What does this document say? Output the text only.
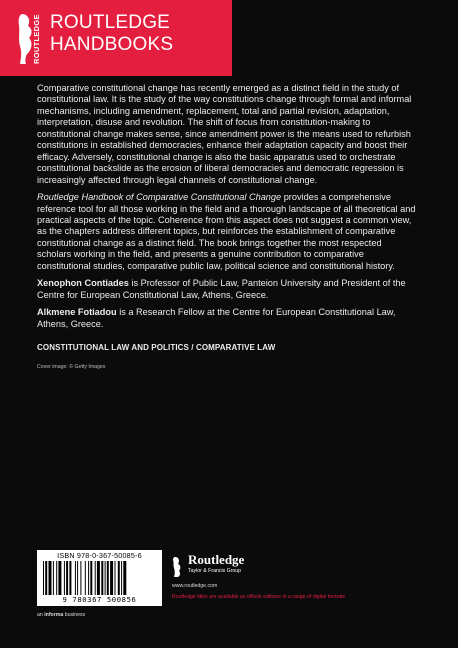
ROUTLEDGE ROUTLEDGE
HANDBOOKS

Comparative constitutional change has recently emerged as a distinct field in the study of constitutional law. It is the study of the way constitutions change through formal and informal mechanisms, including amendment, replacement, total and partial revision, adaptation, interpretation, disuse and revolution. The shift of focus from constitution-making to constitutional change makes sense, since amendment power is the means used to refurbish constitutions in established democracies, enhance their adaptation capacity and boost their efficacy. Adversely, constitutional change is also the basic apparatus used to orchestrate constitutional backslide as the erosion of liberal democracies and democratic regression is increasingly affected through legal channels of constitutional change.

Routledge Handbook of Comparative Constitutional Change provides a comprehensive reference tool for all those working in the field and a thorough landscape of all theoretical and practical aspects of the topic. Coherence from this aspect does not suggest a common view, as the chapters address different topics, but reinforces the establishment of comparative constitutional change as a distinct field. The book brings together the most respected scholars working in the field, and presents a genuine contribution to comparative constitutional studies, comparative public law, political science and constitutional history.

Xenophon Contiades is Professor of Public Law, Panteion University and President of the Centre for European Constitutional Law, Athens, Greece.

Alkmene Fotiadou is a Research Fellow at the Centre for European Constitutional Law, Athens, Greece.

CONSTITUTIONAL LAW AND POLITICS / COMPARATIVE LAW
Cover image: © Getty Images
ISBN 978-0-367-50085-6
9 780367 500856
an informa business
Routledge
Taylor & Francis Group
www.routledge.com
Routledge titles are available as eBook editions in a range of digital formats
